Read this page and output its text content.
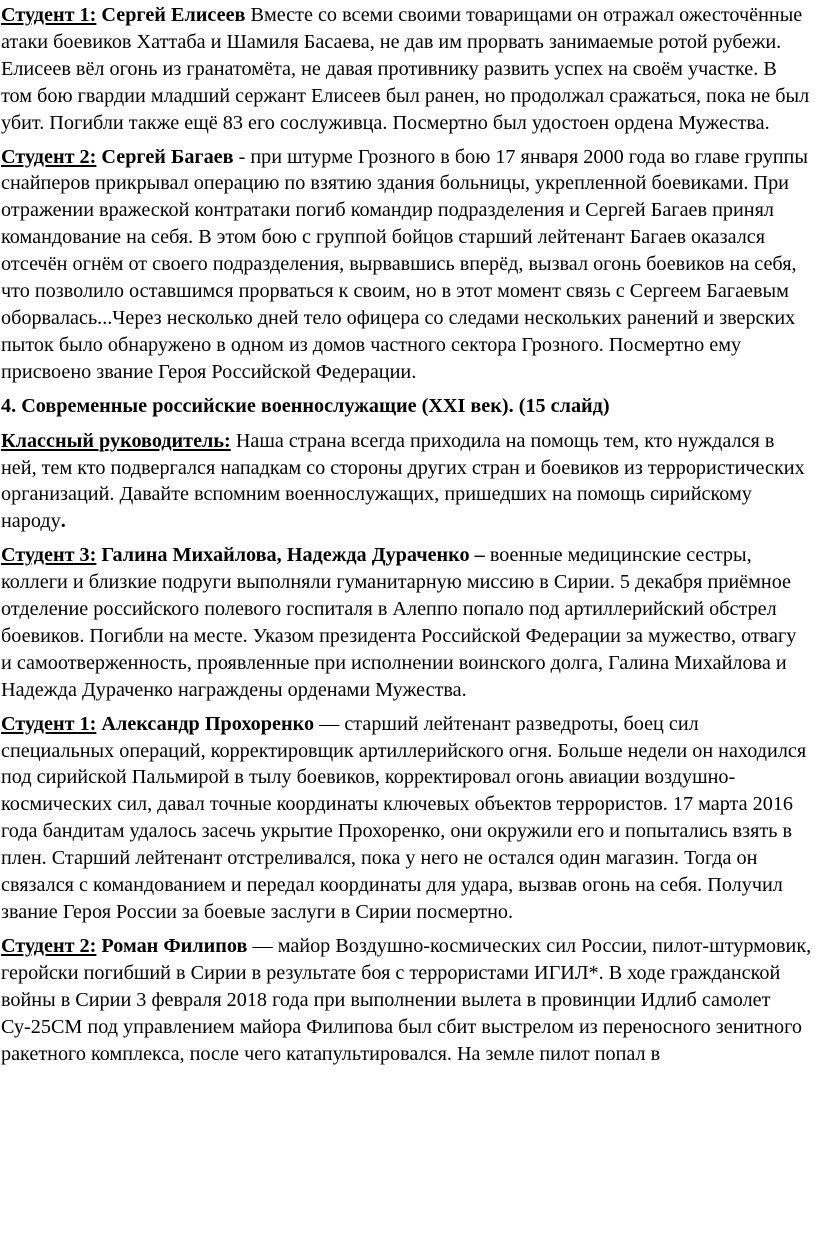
Студент 1: Сергей Елисеев Вместе со всеми своими товарищами он отражал ожесточённые атаки боевиков Хаттаба и Шамиля Басаева, не дав им прорвать занимаемые ротой рубежи. Елисеев вёл огонь из гранатомёта, не давая противнику развить успех на своём участке. В том бою гвардии младший сержант Елисеев был ранен, но продолжал сражаться, пока не был убит. Погибли также ещё 83 его сослуживца. Посмертно был удостоен ордена Мужества.

Студент 2: Сергей Багаев - при штурме Грозного в бою 17 января 2000 года во главе группы снайперов прикрывал операцию по взятию здания больницы, укрепленной боевиками. При отражении вражеской контратаки погиб командир подразделения и Сергей Багаев принял командование на себя. В этом бою с группой бойцов старший лейтенант Багаев оказался отсечён огнём от своего подразделения, вырвавшись вперёд, вызвал огонь боевиков на себя, что позволило оставшимся прорваться к своим, но в этот момент связь с Сергеем Багаевым оборвалась...Через несколько дней тело офицера со следами нескольких ранений и зверских пыток было обнаружено в одном из домов частного сектора Грозного. Посмертно ему присвоено звание Героя Российской Федерации.

4. Современные российские военнослужащие (XXI век). (15 слайд)

Классный руководитель: Наша страна всегда приходила на помощь тем, кто нуждался в ней, тем кто подвергался нападкам со стороны других стран и боевиков из террористических организаций. Давайте вспомним военнослужащих, пришедших на помощь сирийскому народу.

Студент 3: Галина Михайлова, Надежда Дураченко – военные медицинские сестры, коллеги и близкие подруги выполняли гуманитарную миссию в Сирии. 5 декабря приёмное отделение российского полевого госпиталя в Алеппо попало под артиллерийский обстрел боевиков. Погибли на месте. Указом президента Российской Федерации за мужество, отвагу и самоотверженность, проявленные при исполнении воинского долга, Галина Михайлова и Надежда Дураченко награждены орденами Мужества.

Студент 1: Александр Прохоренко — старший лейтенант разведроты, боец сил специальных операций, корректировщик артиллерийского огня. Больше недели он находился под сирийской Пальмирой в тылу боевиков, корректировал огонь авиации воздушно-космических сил, давал точные координаты ключевых объектов террористов. 17 марта 2016 года бандитам удалось засечь укрытие Прохоренко, они окружили его и попытались взять в плен. Старший лейтенант отстреливался, пока у него не остался один магазин. Тогда он связался с командованием и передал координаты для удара, вызвав огонь на себя. Получил звание Героя России за боевые заслуги в Сирии посмертно.

Студент 2: Роман Филипов — майор Воздушно-космических сил России, пилот-штурмовик, геройски погибший в Сирии в результате боя с террористами ИГИЛ*. В ходе гражданской войны в Сирии 3 февраля 2018 года при выполнении вылета в провинции Идлиб самолет Су-25СМ под управлением майора Филипова был сбит выстрелом из переносного зенитного ракетного комплекса, после чего катапультировался. На земле пилот попал в
